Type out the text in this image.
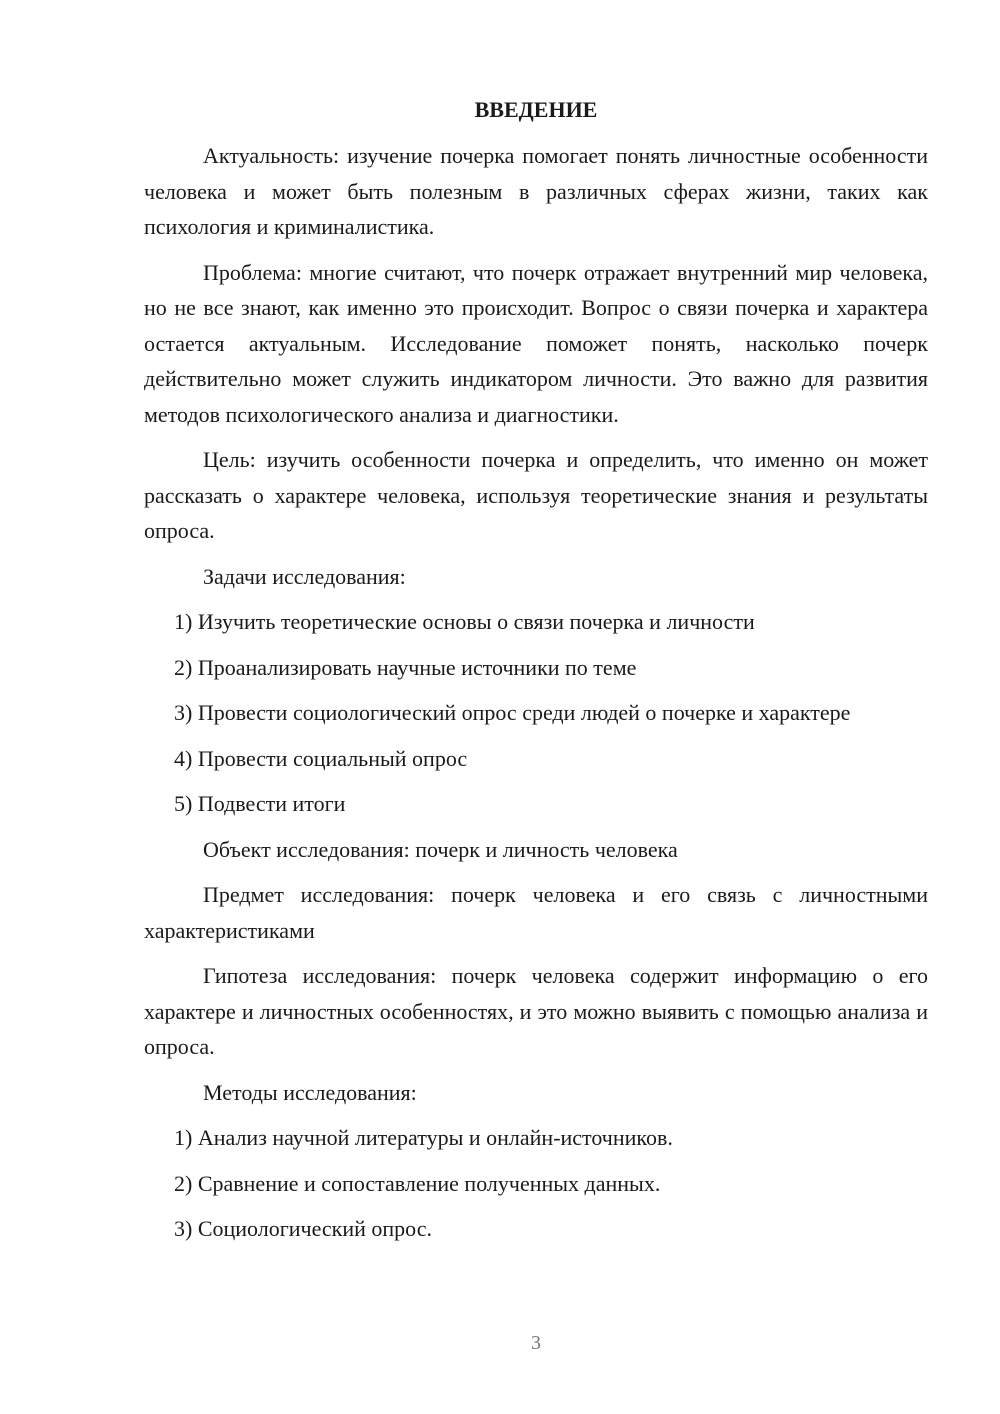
ВВЕДЕНИЕ

Актуальность: изучение почерка помогает понять личностные особенности человека и может быть полезным в различных сферах жизни, таких как психология и криминалистика.

Проблема: многие считают, что почерк отражает внутренний мир человека, но не все знают, как именно это происходит. Вопрос о связи почерка и характера остается актуальным. Исследование поможет понять, насколько почерк действительно может служить индикатором личности. Это важно для развития методов психологического анализа и диагностики.

Цель: изучить особенности почерка и определить, что именно он может рассказать о характере человека, используя теоретические знания и результаты опроса.

Задачи исследования:

1) Изучить теоретические основы о связи почерка и личности

2) Проанализировать научные источники по теме

3) Провести социологический опрос среди людей о почерке и характере

4) Провести социальный опрос

5) Подвести итоги

Объект исследования: почерк и личность человека

Предмет исследования: почерк человека и его связь с личностными характеристиками

Гипотеза исследования: почерк человека содержит информацию о его характере и личностных особенностях, и это можно выявить с помощью анализа и опроса.

Методы исследования:

1) Анализ научной литературы и онлайн-источников.

2) Сравнение и сопоставление полученных данных.

3) Социологический опрос.

3
